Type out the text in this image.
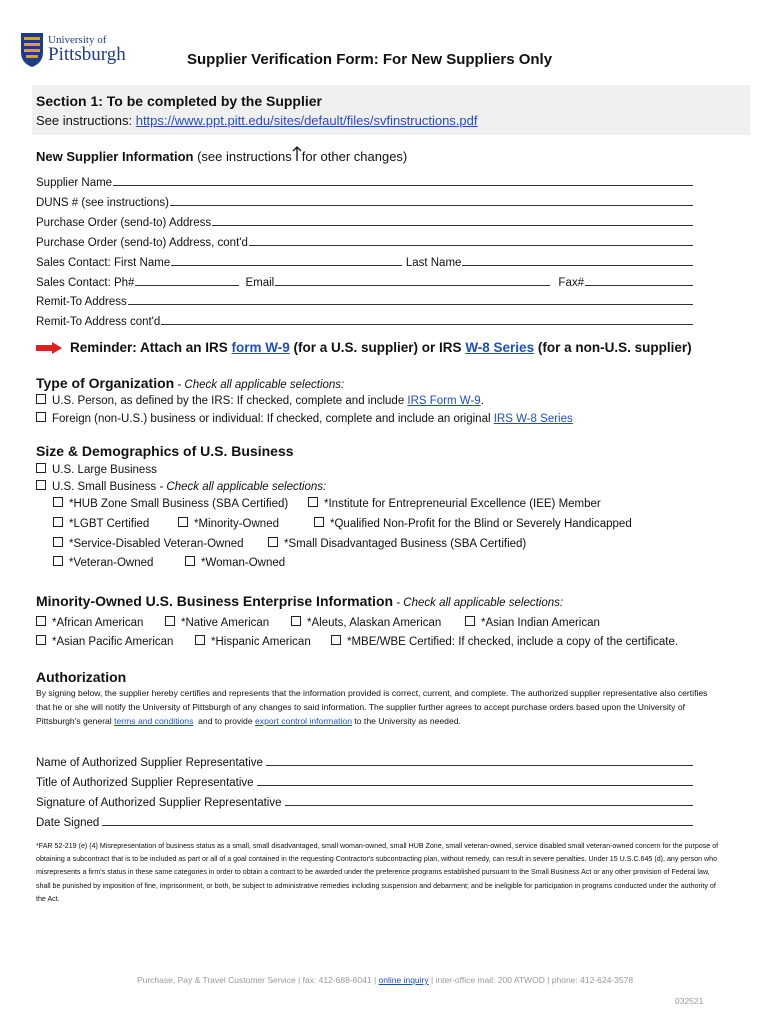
University of
Pittsburgh	Supplier Verification Form: For New Suppliers Only
Section 1: To be completed by the Supplier
See instructions: https://www.ppt.pitt.edu/sites/default/files/svfinstructions.pdf
New Supplier Information (see instructions for other changes)
Supplier Name
DUNS # (see instructions)
Purchase Order (send-to) Address
Purchase Order (send-to) Address, cont'd
Sales Contact: First Name	Last Name
Sales Contact: Ph#	Email	Fax#
Remit-To Address
Remit-To Address cont'd
Reminder: Attach an IRS
form W-9 (for a U.S. supplier) or IRS W-8 Series (for a non-U.S. supplier)
Type of Organization - Check all applicable selections:
U.S. Person, as defined by the IRS: If checked, complete and include IRS Form W-9.
Foreign (non-U.S.) business or individual: If checked, complete and include an original IRS W-8 Series
Size & Demographics of U.S. Business
U.S. Large Business
U.S. Small Business - Check all applicable selections:
*HUB Zone Small Business (SBA Certified)	*Institute for Entrepreneurial Excellence (IEE) Member
*LGBT Certified	*Minority-Owned	*Qualified Non-Profit for the Blind or Severely Handicapped
*Service-Disabled Veteran-Owned	*Small Disadvantaged Business (SBA Certified)
*Veteran-Owned	*Woman-Owned
Minority-Owned U.S. Business Enterprise Information - Check all applicable selections:
*African American	*Native American	*Aleuts, Alaskan American	*Asian Indian American
*Asian Pacific American	*Hispanic American	*MBE/WBE Certified: If checked, include a copy of the certificate.
Authorization
By signing below, the supplier hereby certifies and represents that the information provided is correct, current, and complete. The authorized supplier representative also certifies that he or she will notify the University of Pittsburgh of any changes to said information. The supplier further agrees to accept purchase orders based upon the University of Pittsburgh's general terms and conditions  and to provide export control information to the University as needed.
Name of Authorized Supplier Representative
Title of Authorized Supplier Representative
Signature of Authorized Supplier Representative
Date Signed
*FAR 52-219 (e) (4) Misrepresentation of business status as a small, small disadvantaged, small woman-owned, small HUB Zone, small veteran-owned, service disabled small veteran-owned concern for the purpose of obtaining a subcontract that is to be included as part or all of a goal contained in the requesting Contractor's subcontracting plan, without remedy, can result in severe penalties. Under 15 U.S.C.645 (d), any person who misrepresents a firm's status in these same categories in order to obtain a contract to be awarded under the preference programs established pursuant to the Small Business Act or any other provision of Federal law, shall be punished by imposition of fine, imprisonment, or both, be subject to administrative remedies including suspension and debarment; and be ineligible for participation in programs conducted under the authority of the Act.
Purchase, Pay & Travel Customer Service | fax: 412-688-6041 | online inquiry | inter-office mail: 200 ATWOD | phone: 412-624-3578
032521
